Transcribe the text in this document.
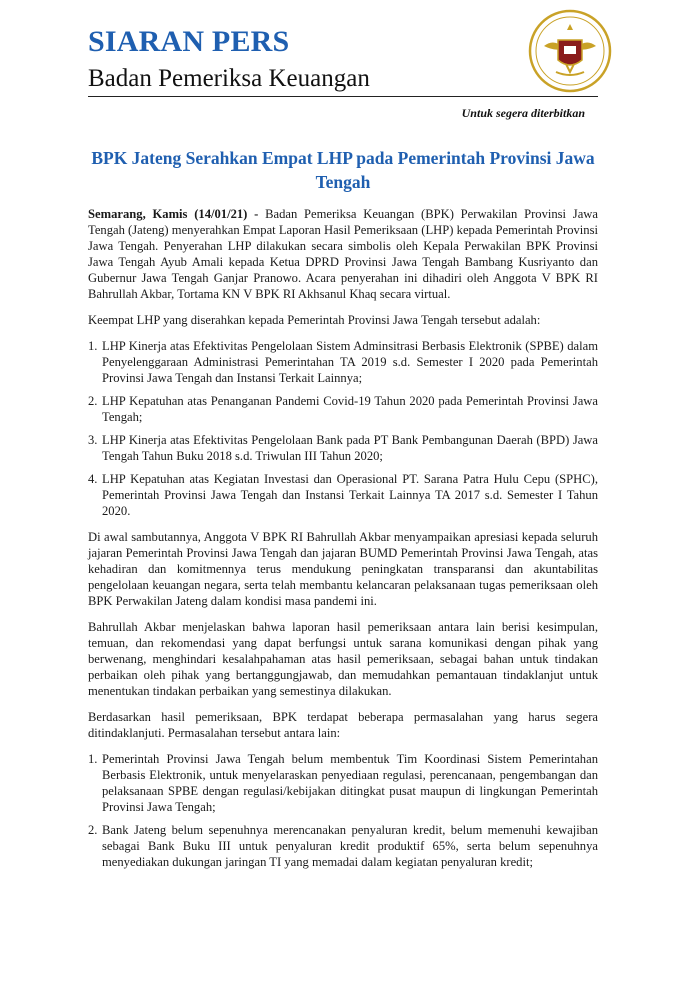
SIARAN PERS
Badan Pemeriksa Keuangan
Untuk segera diterbitkan
BPK Jateng Serahkan Empat LHP pada Pemerintah Provinsi Jawa Tengah

Semarang, Kamis (14/01/21) - Badan Pemeriksa Keuangan (BPK) Perwakilan Provinsi Jawa Tengah (Jateng) menyerahkan Empat Laporan Hasil Pemeriksaan (LHP) kepada Pemerintah Provinsi Jawa Tengah. Penyerahan LHP dilakukan secara simbolis oleh Kepala Perwakilan BPK Provinsi Jawa Tengah Ayub Amali kepada Ketua DPRD Provinsi Jawa Tengah Bambang Kusriyanto dan Gubernur Jawa Tengah Ganjar Pranowo. Acara penyerahan ini dihadiri oleh Anggota V BPK RI Bahrullah Akbar, Tortama KN V BPK RI Akhsanul Khaq secara virtual.

Keempat LHP yang diserahkan kepada Pemerintah Provinsi Jawa Tengah tersebut adalah:

1. LHP Kinerja atas Efektivitas Pengelolaan Sistem Adminsitrasi Berbasis Elektronik (SPBE) dalam Penyelenggaraan Administrasi Pemerintahan TA 2019 s.d. Semester I 2020 pada Pemerintah Provinsi Jawa Tengah dan Instansi Terkait Lainnya;
2. LHP Kepatuhan atas Penanganan Pandemi Covid-19 Tahun 2020 pada Pemerintah Provinsi Jawa Tengah;
3. LHP Kinerja atas Efektivitas Pengelolaan Bank pada PT Bank Pembangunan Daerah (BPD) Jawa Tengah Tahun Buku 2018 s.d. Triwulan III Tahun 2020;
4. LHP Kepatuhan atas Kegiatan Investasi dan Operasional PT. Sarana Patra Hulu Cepu (SPHC), Pemerintah Provinsi Jawa Tengah dan Instansi Terkait Lainnya TA 2017 s.d. Semester I Tahun 2020.

Di awal sambutannya, Anggota V BPK RI Bahrullah Akbar menyampaikan apresiasi kepada seluruh jajaran Pemerintah Provinsi Jawa Tengah dan jajaran BUMD Pemerintah Provinsi Jawa Tengah, atas kehadiran dan komitmennya terus mendukung peningkatan transparansi dan akuntabilitas pengelolaan keuangan negara, serta telah membantu kelancaran pelaksanaan tugas pemeriksaan oleh BPK Perwakilan Jateng dalam kondisi masa pandemi ini.

Bahrullah Akbar menjelaskan bahwa laporan hasil pemeriksaan antara lain berisi kesimpulan, temuan, dan rekomendasi yang dapat berfungsi untuk sarana komunikasi dengan pihak yang berwenang, menghindari kesalahpahaman atas hasil pemeriksaan, sebagai bahan untuk tindakan perbaikan oleh pihak yang bertanggungjawab, dan memudahkan pemantauan tindaklanjut untuk menentukan tindakan perbaikan yang semestinya dilakukan.

Berdasarkan hasil pemeriksaan, BPK terdapat beberapa permasalahan yang harus segera ditindaklanjuti. Permasalahan tersebut antara lain:

1. Pemerintah Provinsi Jawa Tengah belum membentuk Tim Koordinasi Sistem Pemerintahan Berbasis Elektronik, untuk menyelaraskan penyediaan regulasi, perencanaan, pengembangan dan pelaksanaan SPBE dengan regulasi/kebijakan ditingkat pusat maupun di lingkungan Pemerintah Provinsi Jawa Tengah;
2. Bank Jateng belum sepenuhnya merencanakan penyaluran kredit, belum memenuhi kewajiban sebagai Bank Buku III untuk penyaluran kredit produktif 65%, serta belum sepenuhnya menyediakan dukungan jaringan TI yang memadai dalam kegiatan penyaluran kredit;
